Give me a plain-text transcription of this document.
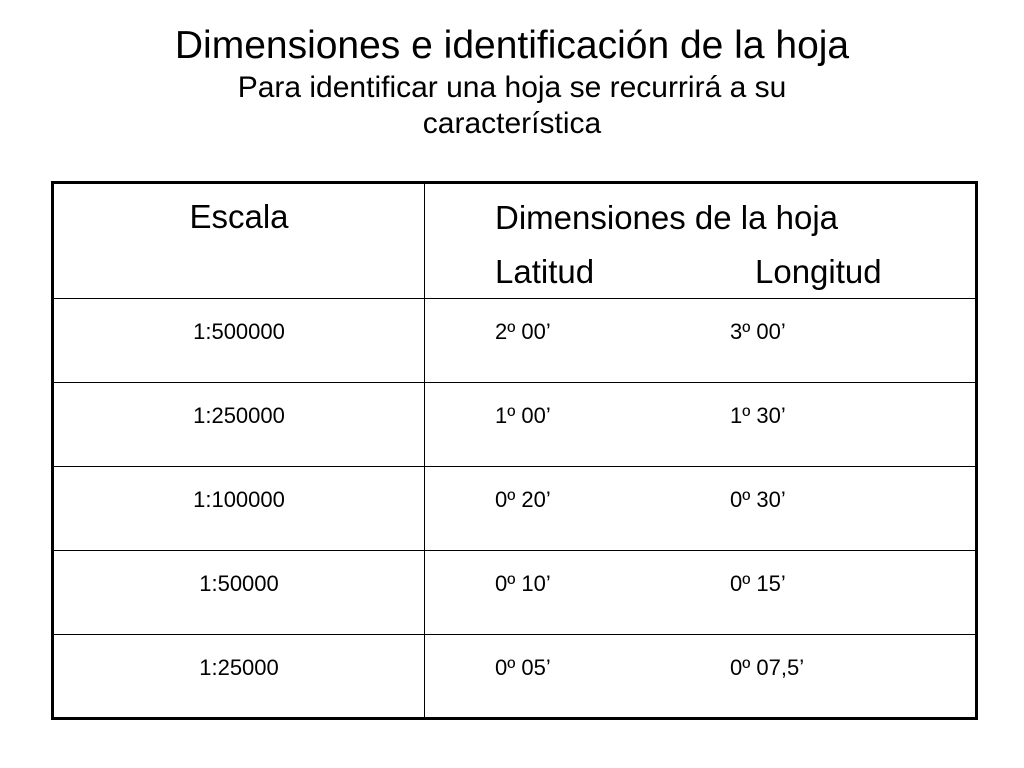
Dimensiones e identificación de la hoja

Para identificar una hoja se recurrirá a su

característica

Escala	Dimensiones de la hoja
Latitud Longitud

1:500000	2º 00’ 3º 00’

1:250000	1º 00’ 1º 30’

1:100000	0º 20’ 0º 30’

1:50000	0º 10’ 0º 15’

1:25000	0º 05’ 0º 07,5’
